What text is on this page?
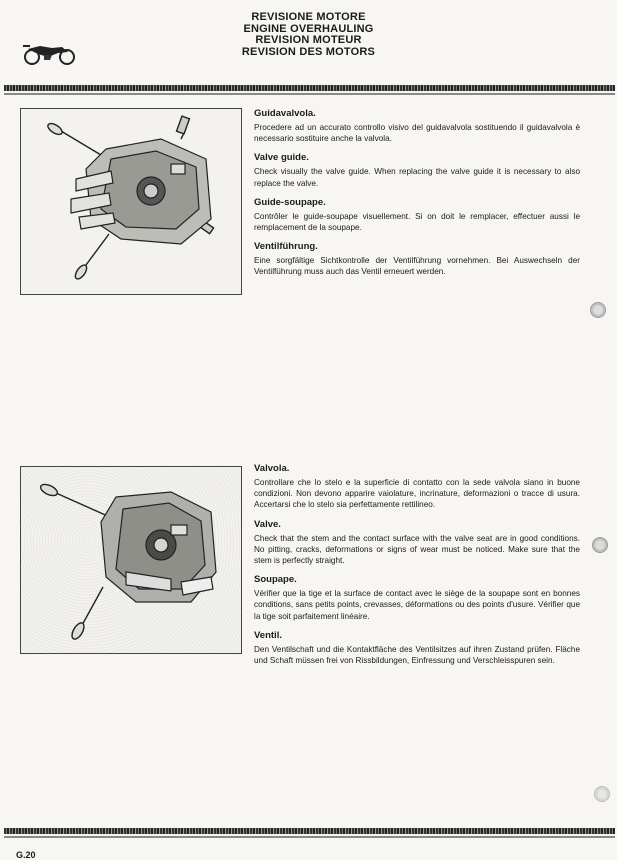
REVISIONE MOTORE
ENGINE OVERHAULING
REVISION MOTEUR
REVISION DES MOTORS
Guidavalvola.

Procedere ad un accurato controllo visivo del guidavalvola sostituendo il guidavalvola è necessario sostituire anche la valvola.

Valve guide.

Check visually the valve guide. When replacing the valve guide it is necessary to also replace the valve.

Guide-soupape.

Contrôler le guide-soupape visuellement. Si on doit le remplacer, effectuer aussi le remplacement de la soupape.

Ventilführung.

Eine sorgfältige Sichtkontrolle der Ventilführung vornehmen. Bei Auswechseln der Ventilführung muss auch das Ventil erneuert werden.

Valvola.

Controllare che lo stelo e la superficie di contatto con la sede valvola siano in buone condizioni. Non devono apparire vaiolature, incrinature, deformazioni o tracce di usura. Accertarsi che lo stelo sia perfettamente rettilineo.

Valve.

Check that the stem and the contact surface with the valve seat are in good conditions. No pitting, cracks, deformations or signs of wear must be noticed. Make sure that the stem is perfectly straight.

Soupape.

Vérifier que la tige et la surface de contact avec le siège de la soupape sont en bonnes conditions, sans petits points, crevasses, déformations ou des points d'usure. Vérifier que la tige soit parfaitement linéaire.

Ventil.

Den Ventilschaft und die Kontaktfläche des Ventilsitzes auf ihren Zustand prüfen. Fläche und Schaft müssen frei von Rissbildungen, Einfressung und Verschleisspuren sein.

G.20
